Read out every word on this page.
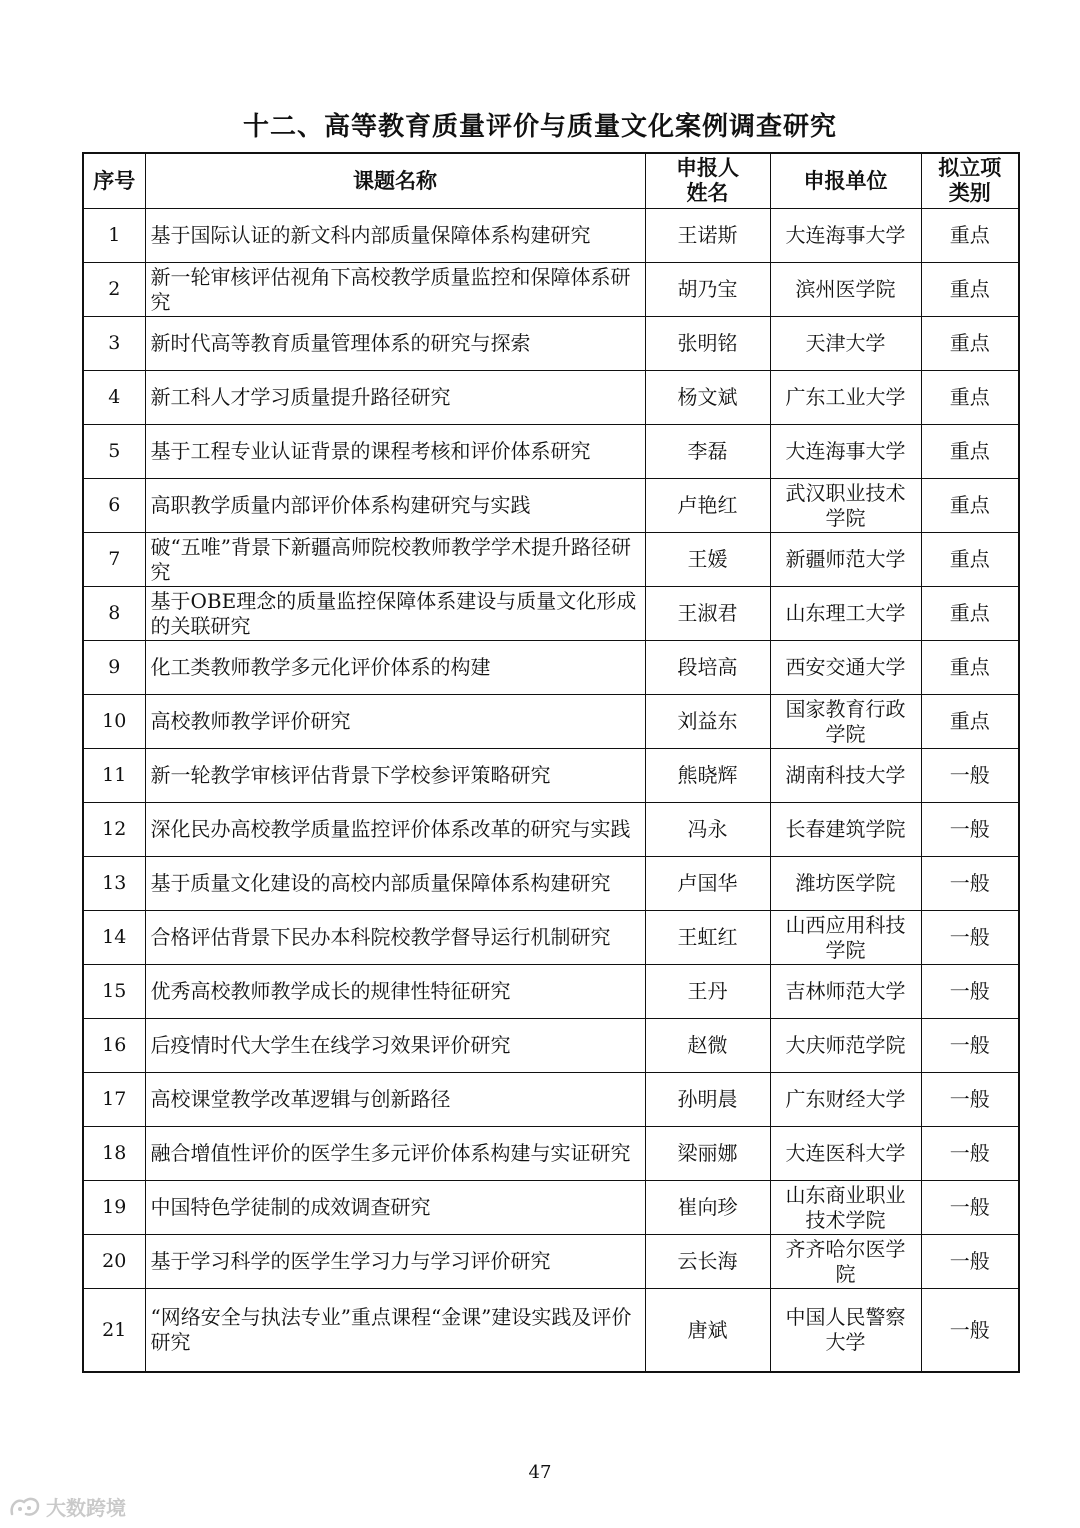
十二、高等教育质量评价与质量文化案例调查研究
序号	课题名称	申报人姓名	申报单位	拟立项类别
1	基于国际认证的新文科内部质量保障体系构建研究	王诺斯	大连海事大学	重点
2	新一轮审核评估视角下高校教学质量监控和保障体系研究	胡乃宝	滨州医学院	重点
3	新时代高等教育质量管理体系的研究与探索	张明铭	天津大学	重点
4	新工科人才学习质量提升路径研究	杨文斌	广东工业大学	重点
5	基于工程专业认证背景的课程考核和评价体系研究	李磊	大连海事大学	重点
6	高职教学质量内部评价体系构建研究与实践	卢艳红	武汉职业技术学院	重点
7	破“五唯”背景下新疆高师院校教师教学学术提升路径研究	王媛	新疆师范大学	重点
8	基于OBE理念的质量监控保障体系建设与质量文化形成的关联研究	王淑君	山东理工大学	重点
9	化工类教师教学多元化评价体系的构建	段培高	西安交通大学	重点
10	高校教师教学评价研究	刘益东	国家教育行政学院	重点
11	新一轮教学审核评估背景下学校参评策略研究	熊晓辉	湖南科技大学	一般
12	深化民办高校教学质量监控评价体系改革的研究与实践	冯永	长春建筑学院	一般
13	基于质量文化建设的高校内部质量保障体系构建研究	卢国华	潍坊医学院	一般
14	合格评估背景下民办本科院校教学督导运行机制研究	王虹红	山西应用科技学院	一般
15	优秀高校教师教学成长的规律性特征研究	王丹	吉林师范大学	一般
16	后疫情时代大学生在线学习效果评价研究	赵微	大庆师范学院	一般
17	高校课堂教学改革逻辑与创新路径	孙明晨	广东财经大学	一般
18	融合增值性评价的医学生多元评价体系构建与实证研究	梁丽娜	大连医科大学	一般
19	中国特色学徒制的成效调查研究	崔向珍	山东商业职业技术学院	一般
20	基于学习科学的医学生学习力与学习评价研究	云长海	齐齐哈尔医学院	一般
21	“网络安全与执法专业”重点课程“金课”建设实践及评价研究	唐斌	中国人民警察大学	一般
47
大数跨境
